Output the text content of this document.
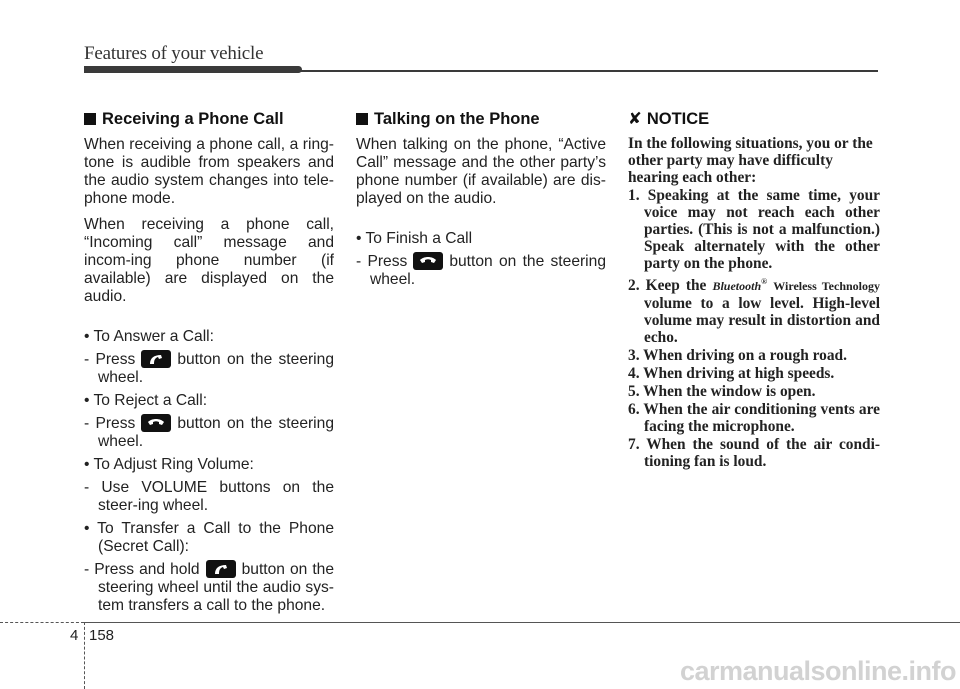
Features of your vehicle
Receiving a Phone Call

When receiving a phone call, a ring-tone is audible from speakers and the audio system changes into tele-phone mode.

When receiving a phone call, “Incoming call” message and incom-ing phone number (if available) are displayed on the audio.

• To Answer a Call:
- Press	button on the steering wheel.
• To Reject a Call:
- Press	button on the steering wheel.
• To Adjust Ring Volume:
- Use VOLUME buttons on the steer-ing wheel.
• To Transfer a Call to the Phone (Secret Call):
- Press and hold	button on the steering wheel until the audio sys-tem transfers a call to the phone.
Talking on the Phone

When talking on the phone, “Active Call” message and the other party’s phone number (if available) are dis-played on the audio.

• To Finish a Call
- Press	button on the steering wheel.
✘ NOTICE
In the following situations, you or the other party may have difficulty hearing each other:
1. Speaking at the same time, your voice may not reach each other parties. (This is not a malfunction.) Speak alternately with the other party on the phone.
2. Keep the Bluetooth® Wireless Technology volume to a low level. High-level volume may result in distortion and echo.
3. When driving on a rough road.
4. When driving at high speeds.
5. When the window is open.
6. When the air conditioning vents are facing the microphone.
7. When the sound of the air condi-tioning fan is loud.
4 158
carmanualsonline.info
